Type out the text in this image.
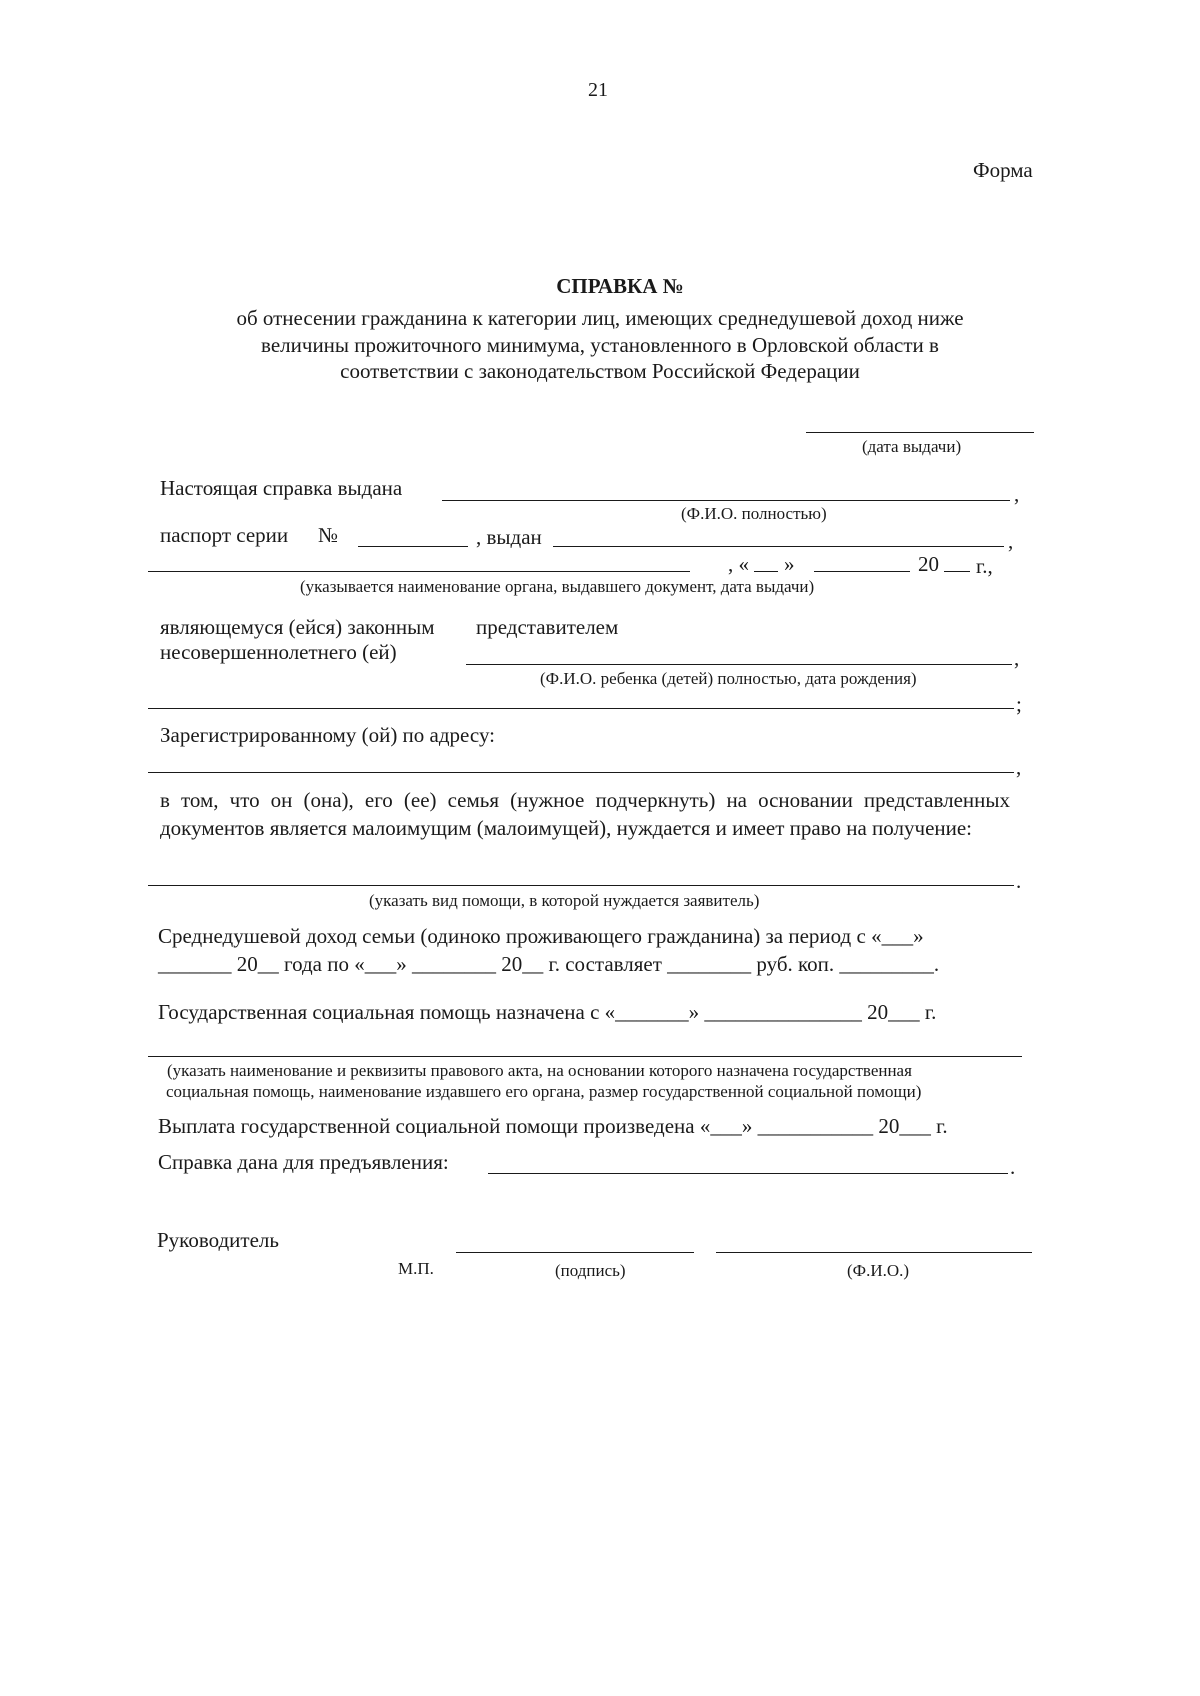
21
Форма
СПРАВКА №
об отнесении гражданина к категории лиц, имеющих среднедушевой доход ниже
величины прожиточного минимума, установленного в Орловской области в
соответствии с законодательством Российской Федерации
(дата выдачи)
Настоящая справка выдана	,
(Ф.И.О. полностью)
паспорт серии №	, выдан	,
, « »	20 г.,
(указывается наименование органа, выдавшего документ, дата выдачи)
являющемуся (ейся) законным представителем
несовершеннолетнего (ей)	,
(Ф.И.О. ребенка (детей) полностью, дата рождения)
;
Зарегистрированному (ой) по адресу:
,
в том, что он (она), его (ее) семья (нужное подчеркнуть) на основании представленных документов является малоимущим (малоимущей), нуждается и имеет право на получение:
.
(указать вид помощи, в которой нуждается заявитель)
Среднедушевой доход семьи (одиноко проживающего гражданина) за период с «___»
_______ 20__ года по «___» ________ 20__ г. составляет ________ руб. коп. _________.
Государственная социальная помощь назначена с «_______» _______________ 20___ г.
(указать наименование и реквизиты правового акта, на основании которого назначена государственная
социальная помощь, наименование издавшего его органа, размер государственной социальной помощи)
Выплата государственной социальной помощи произведена «___» ___________ 20___ г.
Справка дана для предъявления:	.
Руководитель
М.П.	(подпись)	(Ф.И.О.)
